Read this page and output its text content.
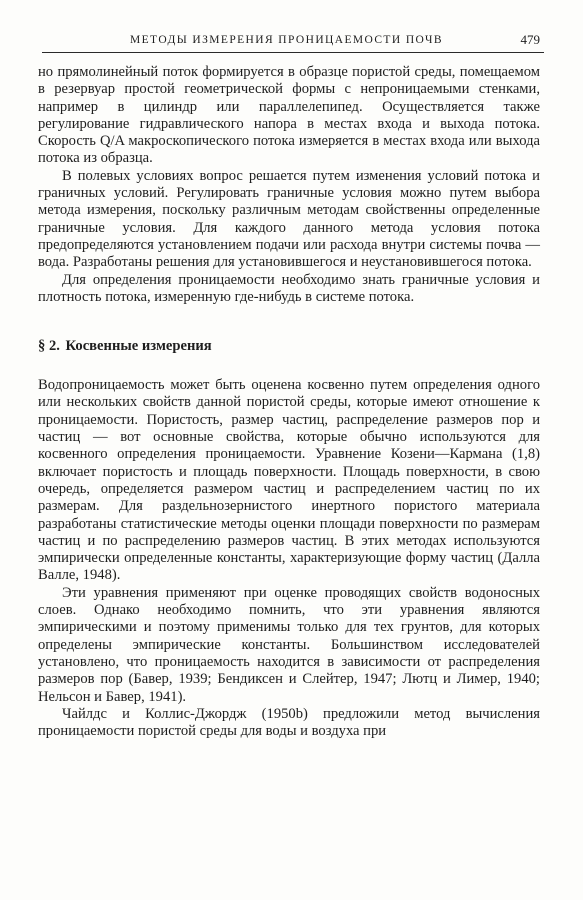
МЕТОДЫ ИЗМЕРЕНИЯ ПРОНИЦАЕМОСТИ ПОЧВ	479

но прямолинейный поток формируется в образце пористой среды, помещаемом в резервуар простой геометрической формы с непроницаемыми стенками, например в цилиндр или параллелепипед. Осуществляется также регулирование гидравлического напора в местах входа и выхода потока. Скорость Q/A макроскопического потока измеряется в местах входа или выхода потока из образца.

В полевых условиях вопрос решается путем изменения условий потока и граничных условий. Регулировать граничные условия можно путем выбора метода измерения, поскольку различным методам свойственны определенные граничные условия. Для каждого данного метода условия потока предопределяются установлением подачи или расхода внутри системы почва — вода. Разработаны решения для установившегося и неустановившегося потока.

Для определения проницаемости необходимо знать граничные условия и плотность потока, измеренную где-нибудь в системе потока.

§ 2. Косвенные измерения

Водопроницаемость может быть оценена косвенно путем определения одного или нескольких свойств данной пористой среды, которые имеют отношение к проницаемости. Пористость, размер частиц, распределение размеров пор и частиц — вот основные свойства, которые обычно используются для косвенного определения проницаемости. Уравнение Козени—Кармана (1,8) включает пористость и площадь поверхности. Площадь поверхности, в свою очередь, определяется размером частиц и распределением частиц по их размерам. Для раздельнозернистого инертного пористого материала разработаны статистические методы оценки площади поверхности по размерам частиц и по распределению размеров частиц. В этих методах используются эмпирически определенные константы, характеризующие форму частиц (Далла Валле, 1948).

Эти уравнения применяют при оценке проводящих свойств водоносных слоев. Однако необходимо помнить, что эти уравнения являются эмпирическими и поэтому применимы только для тех грунтов, для которых определены эмпирические константы. Большинством исследователей установлено, что проницаемость находится в зависимости от распределения размеров пор (Бавер, 1939; Бендиксен и Слейтер, 1947; Лютц и Лимер, 1940; Нельсон и Бавер, 1941).

Чайлдс и Коллис-Джордж (1950b) предложили метод вычисления проницаемости пористой среды для воды и воздуха при
